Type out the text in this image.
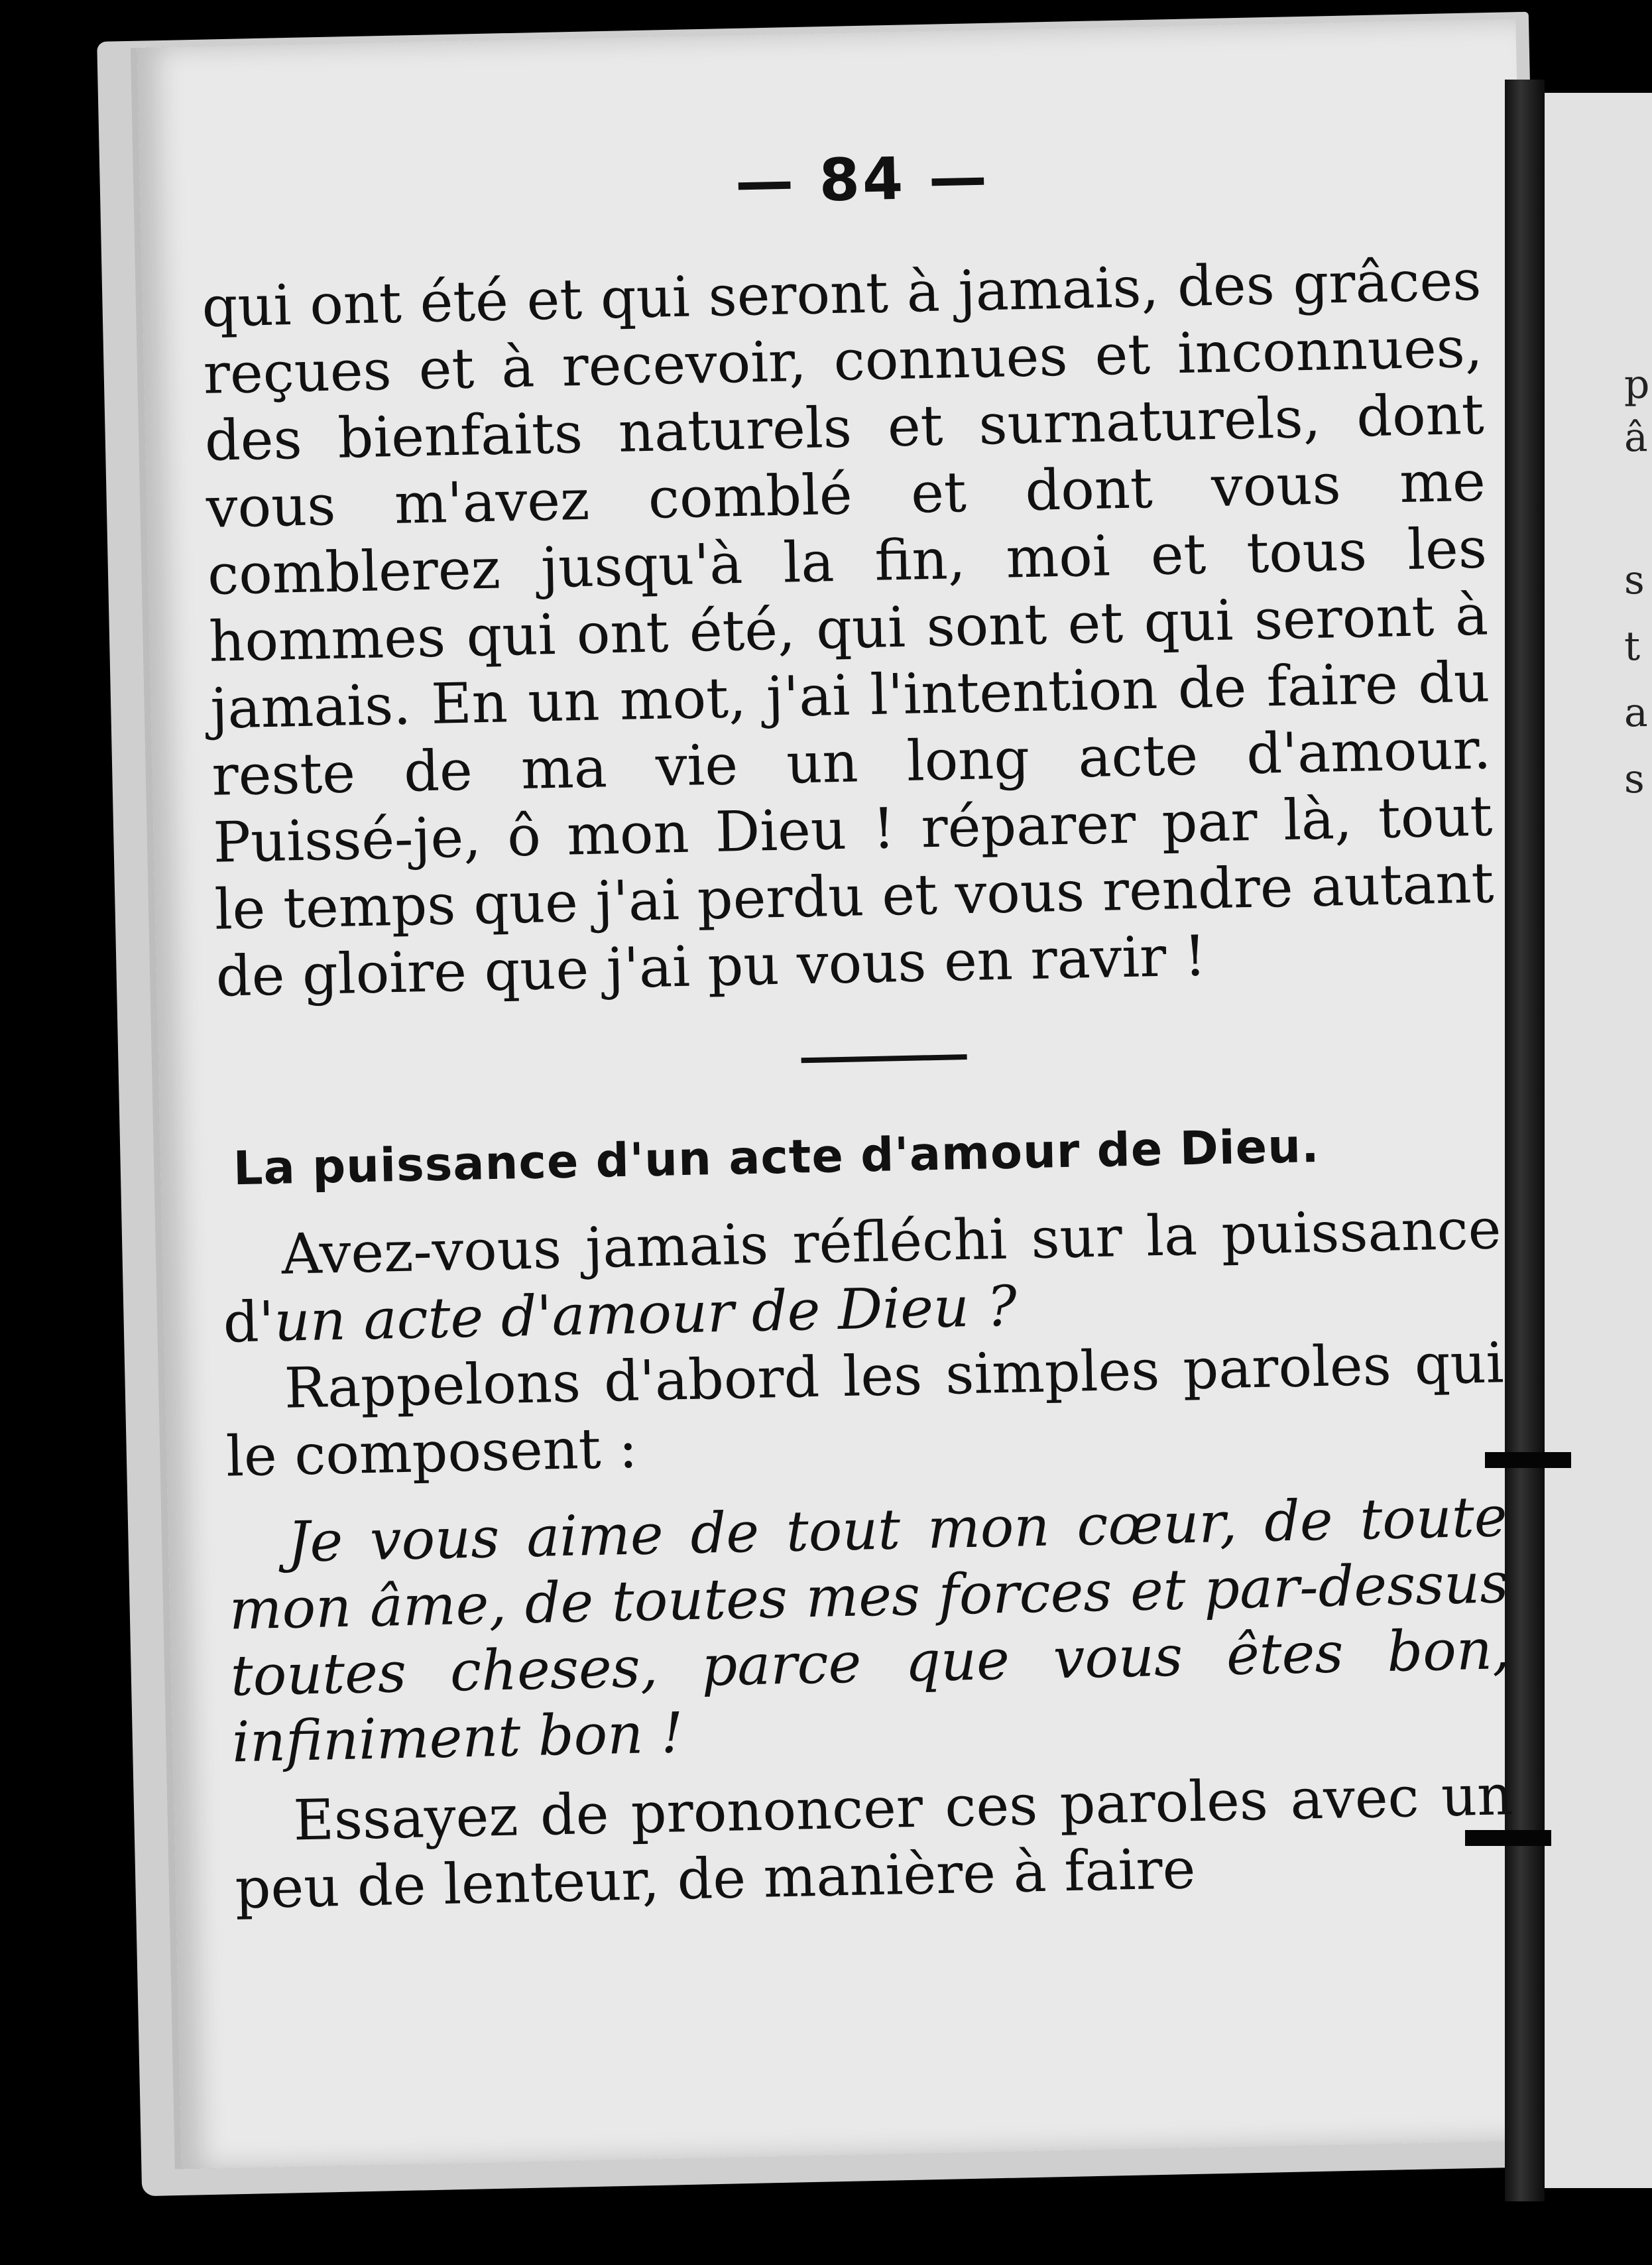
p
â
s
t
a
s
— 84 —

qui ont été et qui seront à jamais, des grâces reçues et à recevoir, connues et inconnues, des bienfaits naturels et surnaturels, dont vous m'avez comblé et dont vous me comblerez jusqu'à la fin, moi et tous les hommes qui ont été, qui sont et qui seront à jamais. En un mot, j'ai l'intention de faire du reste de ma vie un long acte d'amour. Puissé-je, ô mon Dieu ! réparer par là, tout le temps que j'ai perdu et vous rendre autant de gloire que j'ai pu vous en ravir !

La puissance d'un acte d'amour de Dieu.

Avez-vous jamais réfléchi sur la puissance d'un acte d'amour de Dieu ?

Rappelons d'abord les simples paroles qui le composent :

Je vous aime de tout mon cœur, de toute mon âme, de toutes mes forces et par-dessus toutes cheses, parce que vous êtes bon, infiniment bon !

Essayez de prononcer ces paroles avec un peu de lenteur, de manière à faire
